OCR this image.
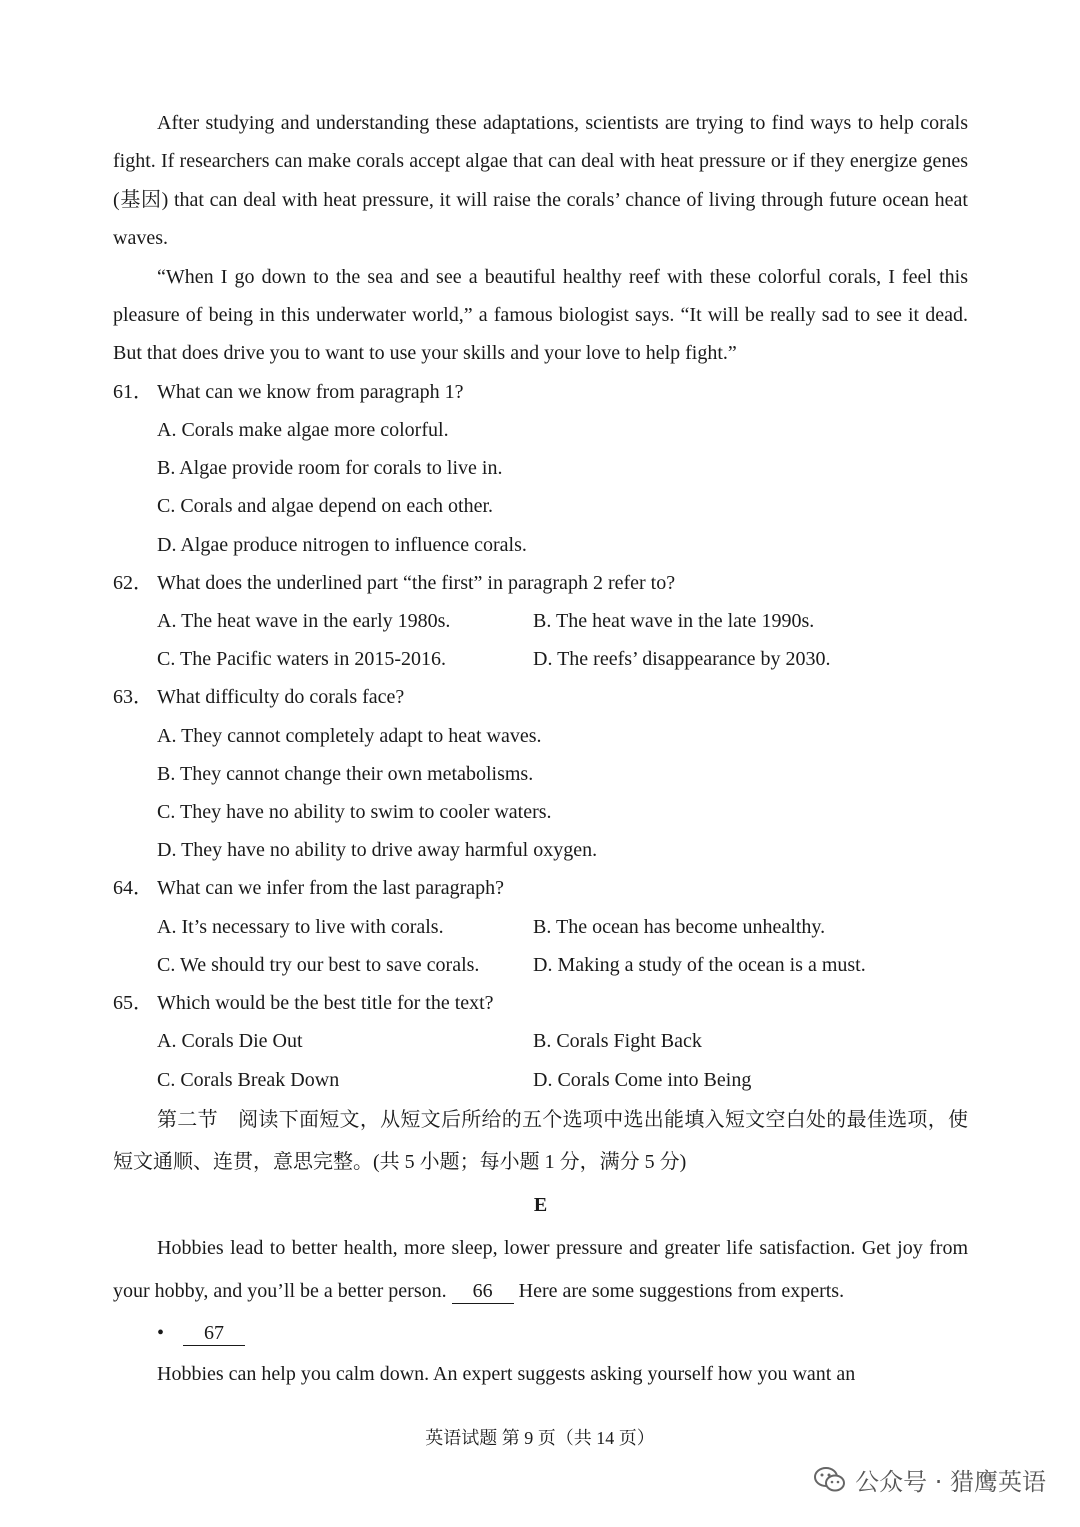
After studying and understanding these adaptations, scientists are trying to find ways to help corals fight. If researchers can make corals accept algae that can deal with heat pressure or if they energize genes (基因) that can deal with heat pressure, it will raise the corals’ chance of living through future ocean heat waves.

“When I go down to the sea and see a beautiful healthy reef with these colorful corals, I feel this pleasure of being in this underwater world,” a famous biologist says. “It will be really sad to see it dead. But that does drive you to want to use your skills and your love to help fight.”

61． What can we know from paragraph 1?

A. Corals make algae more colorful.

B. Algae provide room for corals to live in.

C. Corals and algae depend on each other.

D. Algae produce nitrogen to influence corals.

62． What does the underlined part “the first” in paragraph 2 refer to?

A. The heat wave in the early 1980s.	B. The heat wave in the late 1990s.

C. The Pacific waters in 2015-2016.	D. The reefs’ disappearance by 2030.

63． What difficulty do corals face?

A. They cannot completely adapt to heat waves.

B. They cannot change their own metabolisms.

C. They have no ability to swim to cooler waters.

D. They have no ability to drive away harmful oxygen.

64． What can we infer from the last paragraph?

A. It’s necessary to live with corals.	B. The ocean has become unhealthy.

C. We should try our best to save corals.	D. Making a study of the ocean is a must.

65． Which would be the best title for the text?

A. Corals Die Out	B. Corals Fight Back

C. Corals Break Down	D. Corals Come into Being

第二节　阅读下面短文，从短文后所给的五个选项中选出能填入短文空白处的最佳选项，使短文通顺、连贯，意思完整。(共 5 小题；每小题 1 分，满分 5 分)

E

Hobbies lead to better health, more sleep, lower pressure and greater life satisfaction. Get joy from your hobby, and you’ll be a better person. 66 Here are some suggestions from experts.

• 67

Hobbies can help you calm down. An expert suggests asking yourself how you want an

英语试题 第 9 页（共 14 页）
公众号 · 猎鹰英语
